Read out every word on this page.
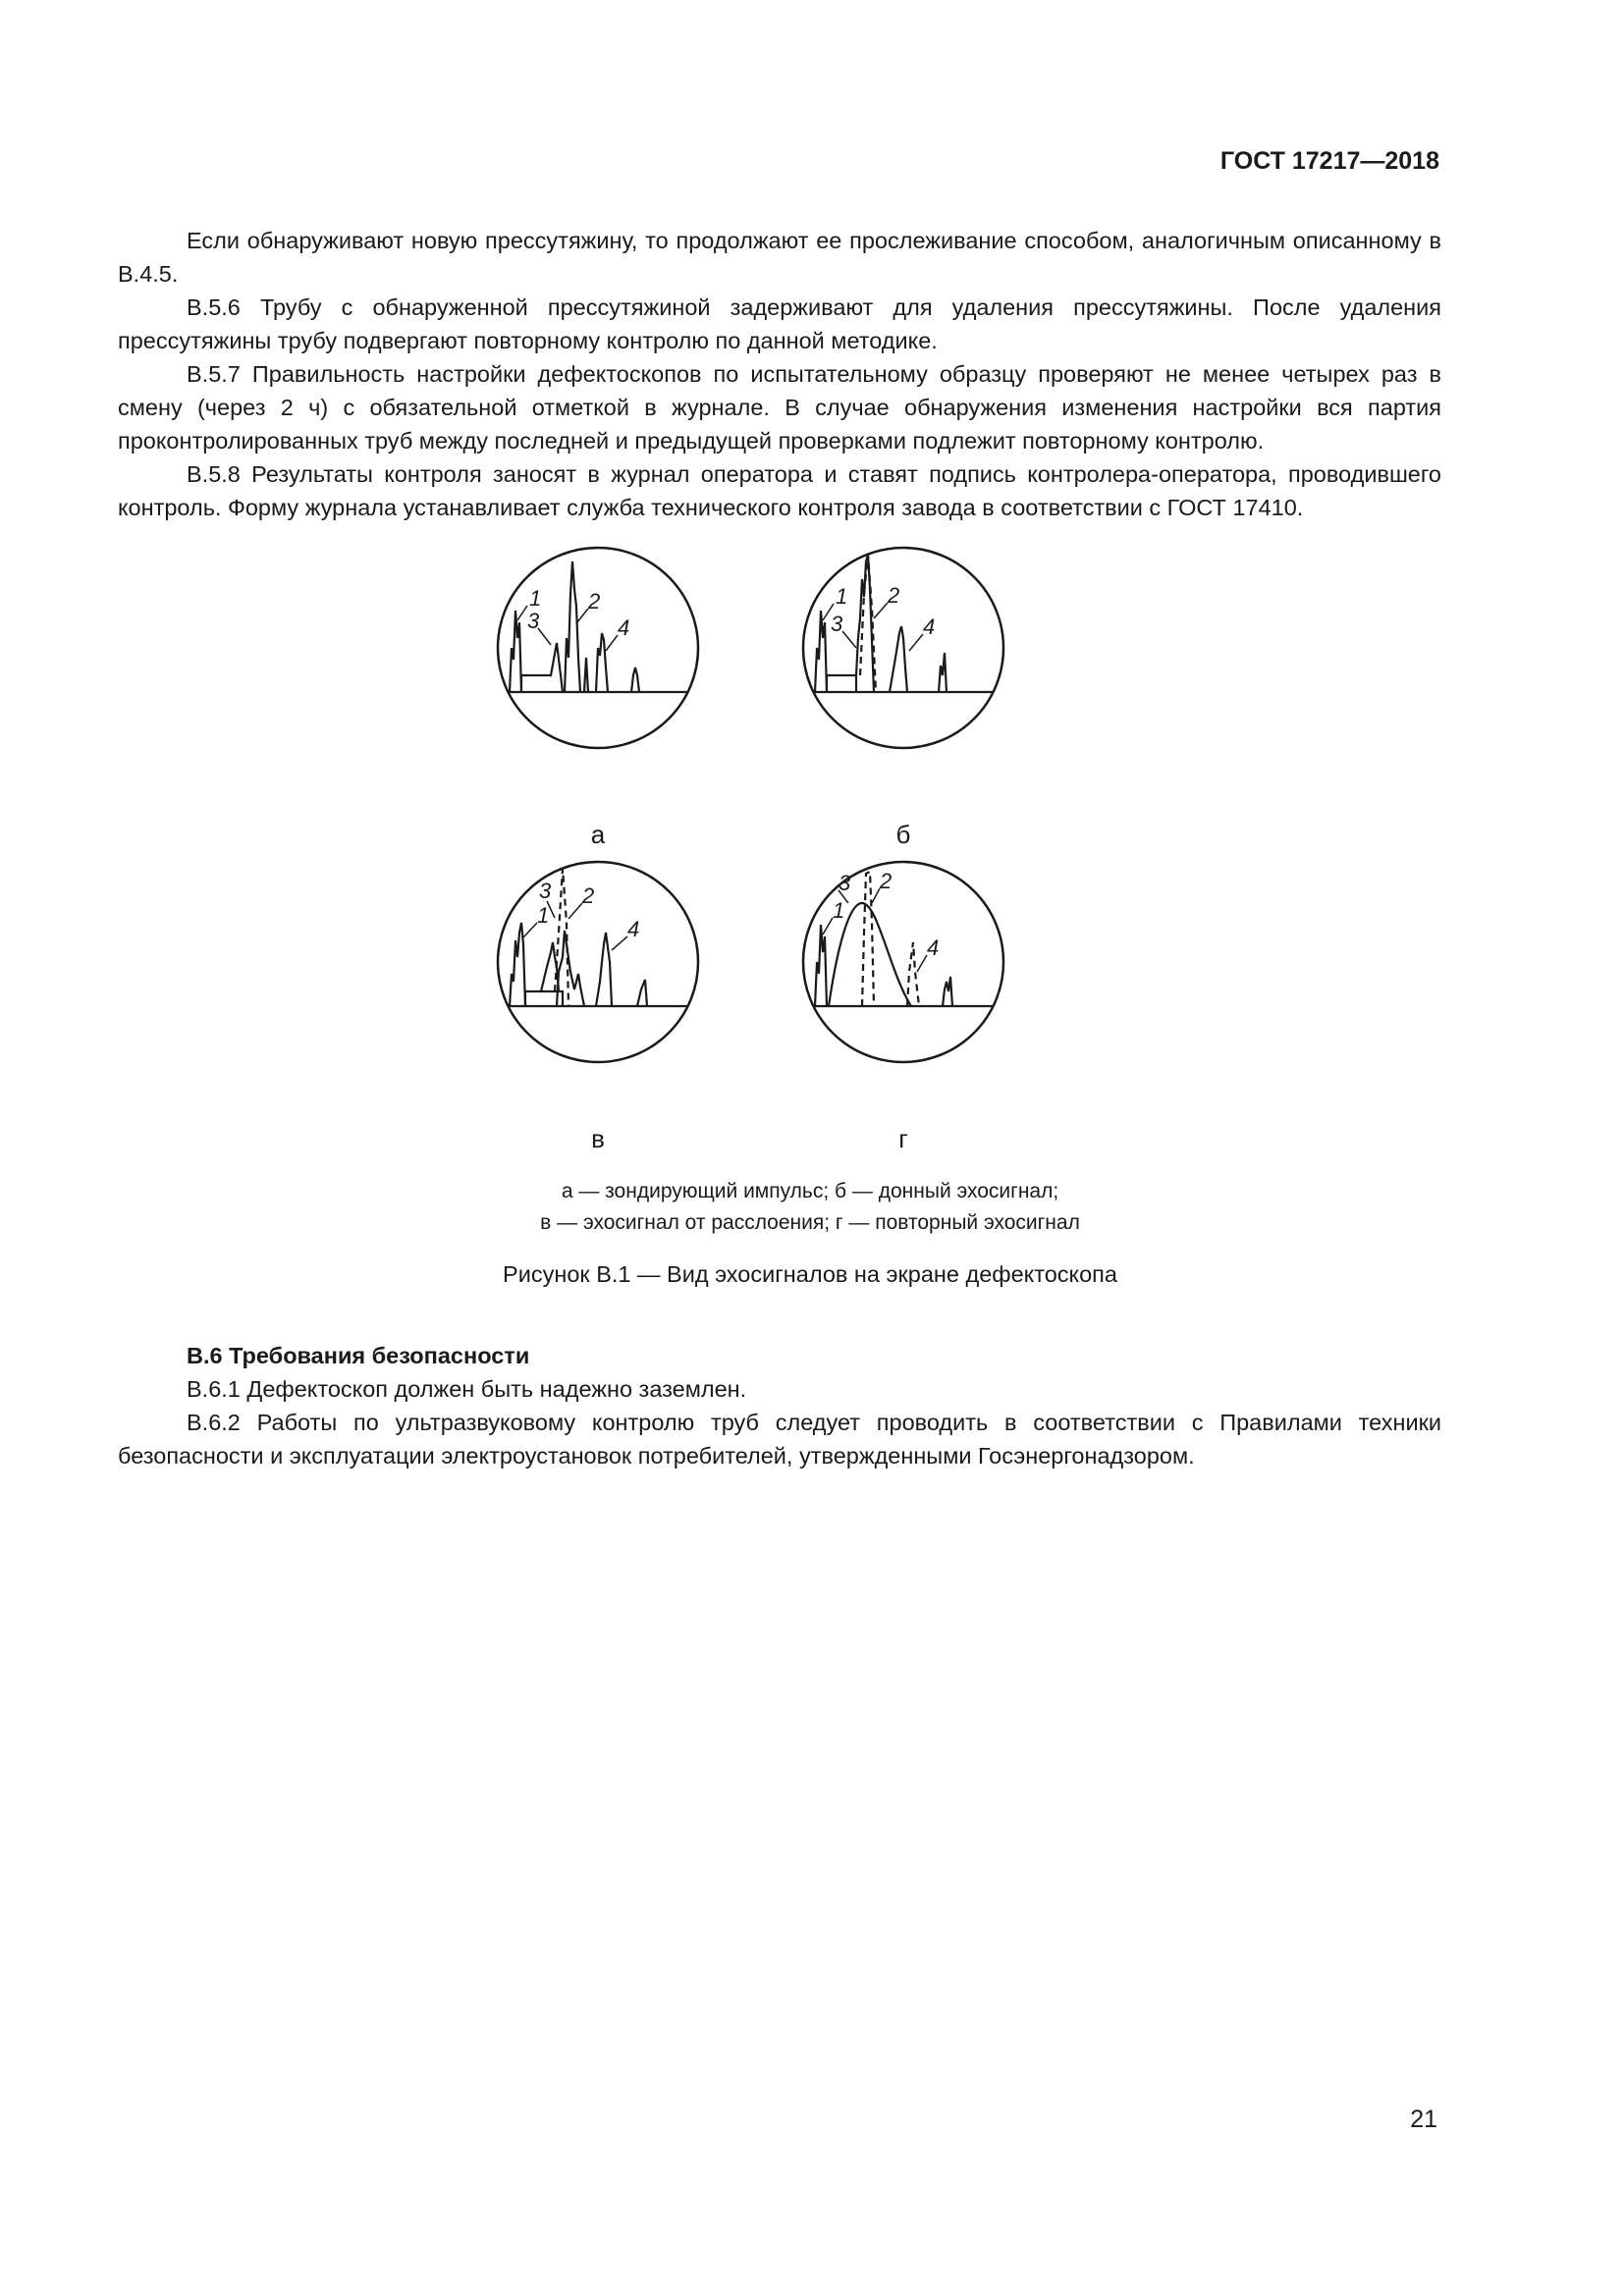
ГОСТ 17217—2018

Если обнаруживают новую прессутяжину, то продолжают ее прослеживание способом, аналогичным описанному в В.4.5.

В.5.6 Трубу с обнаруженной прессутяжиной задерживают для удаления прессутяжины. После удаления прессутяжины трубу подвергают повторному контролю по данной методике.

В.5.7 Правильность настройки дефектоскопов по испытательному образцу проверяют не менее четырех раз в смену (через 2 ч) с обязательной отметкой в журнале. В случае обнаружения изменения настройки вся партия проконтролированных труб между последней и предыдущей проверками подлежит повторному контролю.

В.5.8 Результаты контроля заносят в журнал оператора и ставят подпись контролера-оператора, проводившего контроль. Форму журнала устанавливает служба технического контроля завода в соответствии с ГОСТ 17410.

1 2
3	4
а
1 2
3	4
б
1
2
3
4
в
1
2
3
4
г
а — зондирующий импульс; б — донный эхосигнал;
в — эхосигнал от расслоения; г — повторный эхосигнал
Рисунок В.1 — Вид эхосигналов на экране дефектоскопа
В.6 Требования безопасности

В.6.1 Дефектоскоп должен быть надежно заземлен.

В.6.2 Работы по ультразвуковому контролю труб следует проводить в соответствии с Правилами техники безопасности и эксплуатации электроустановок потребителей, утвержденными Госэнергонадзором.

21
